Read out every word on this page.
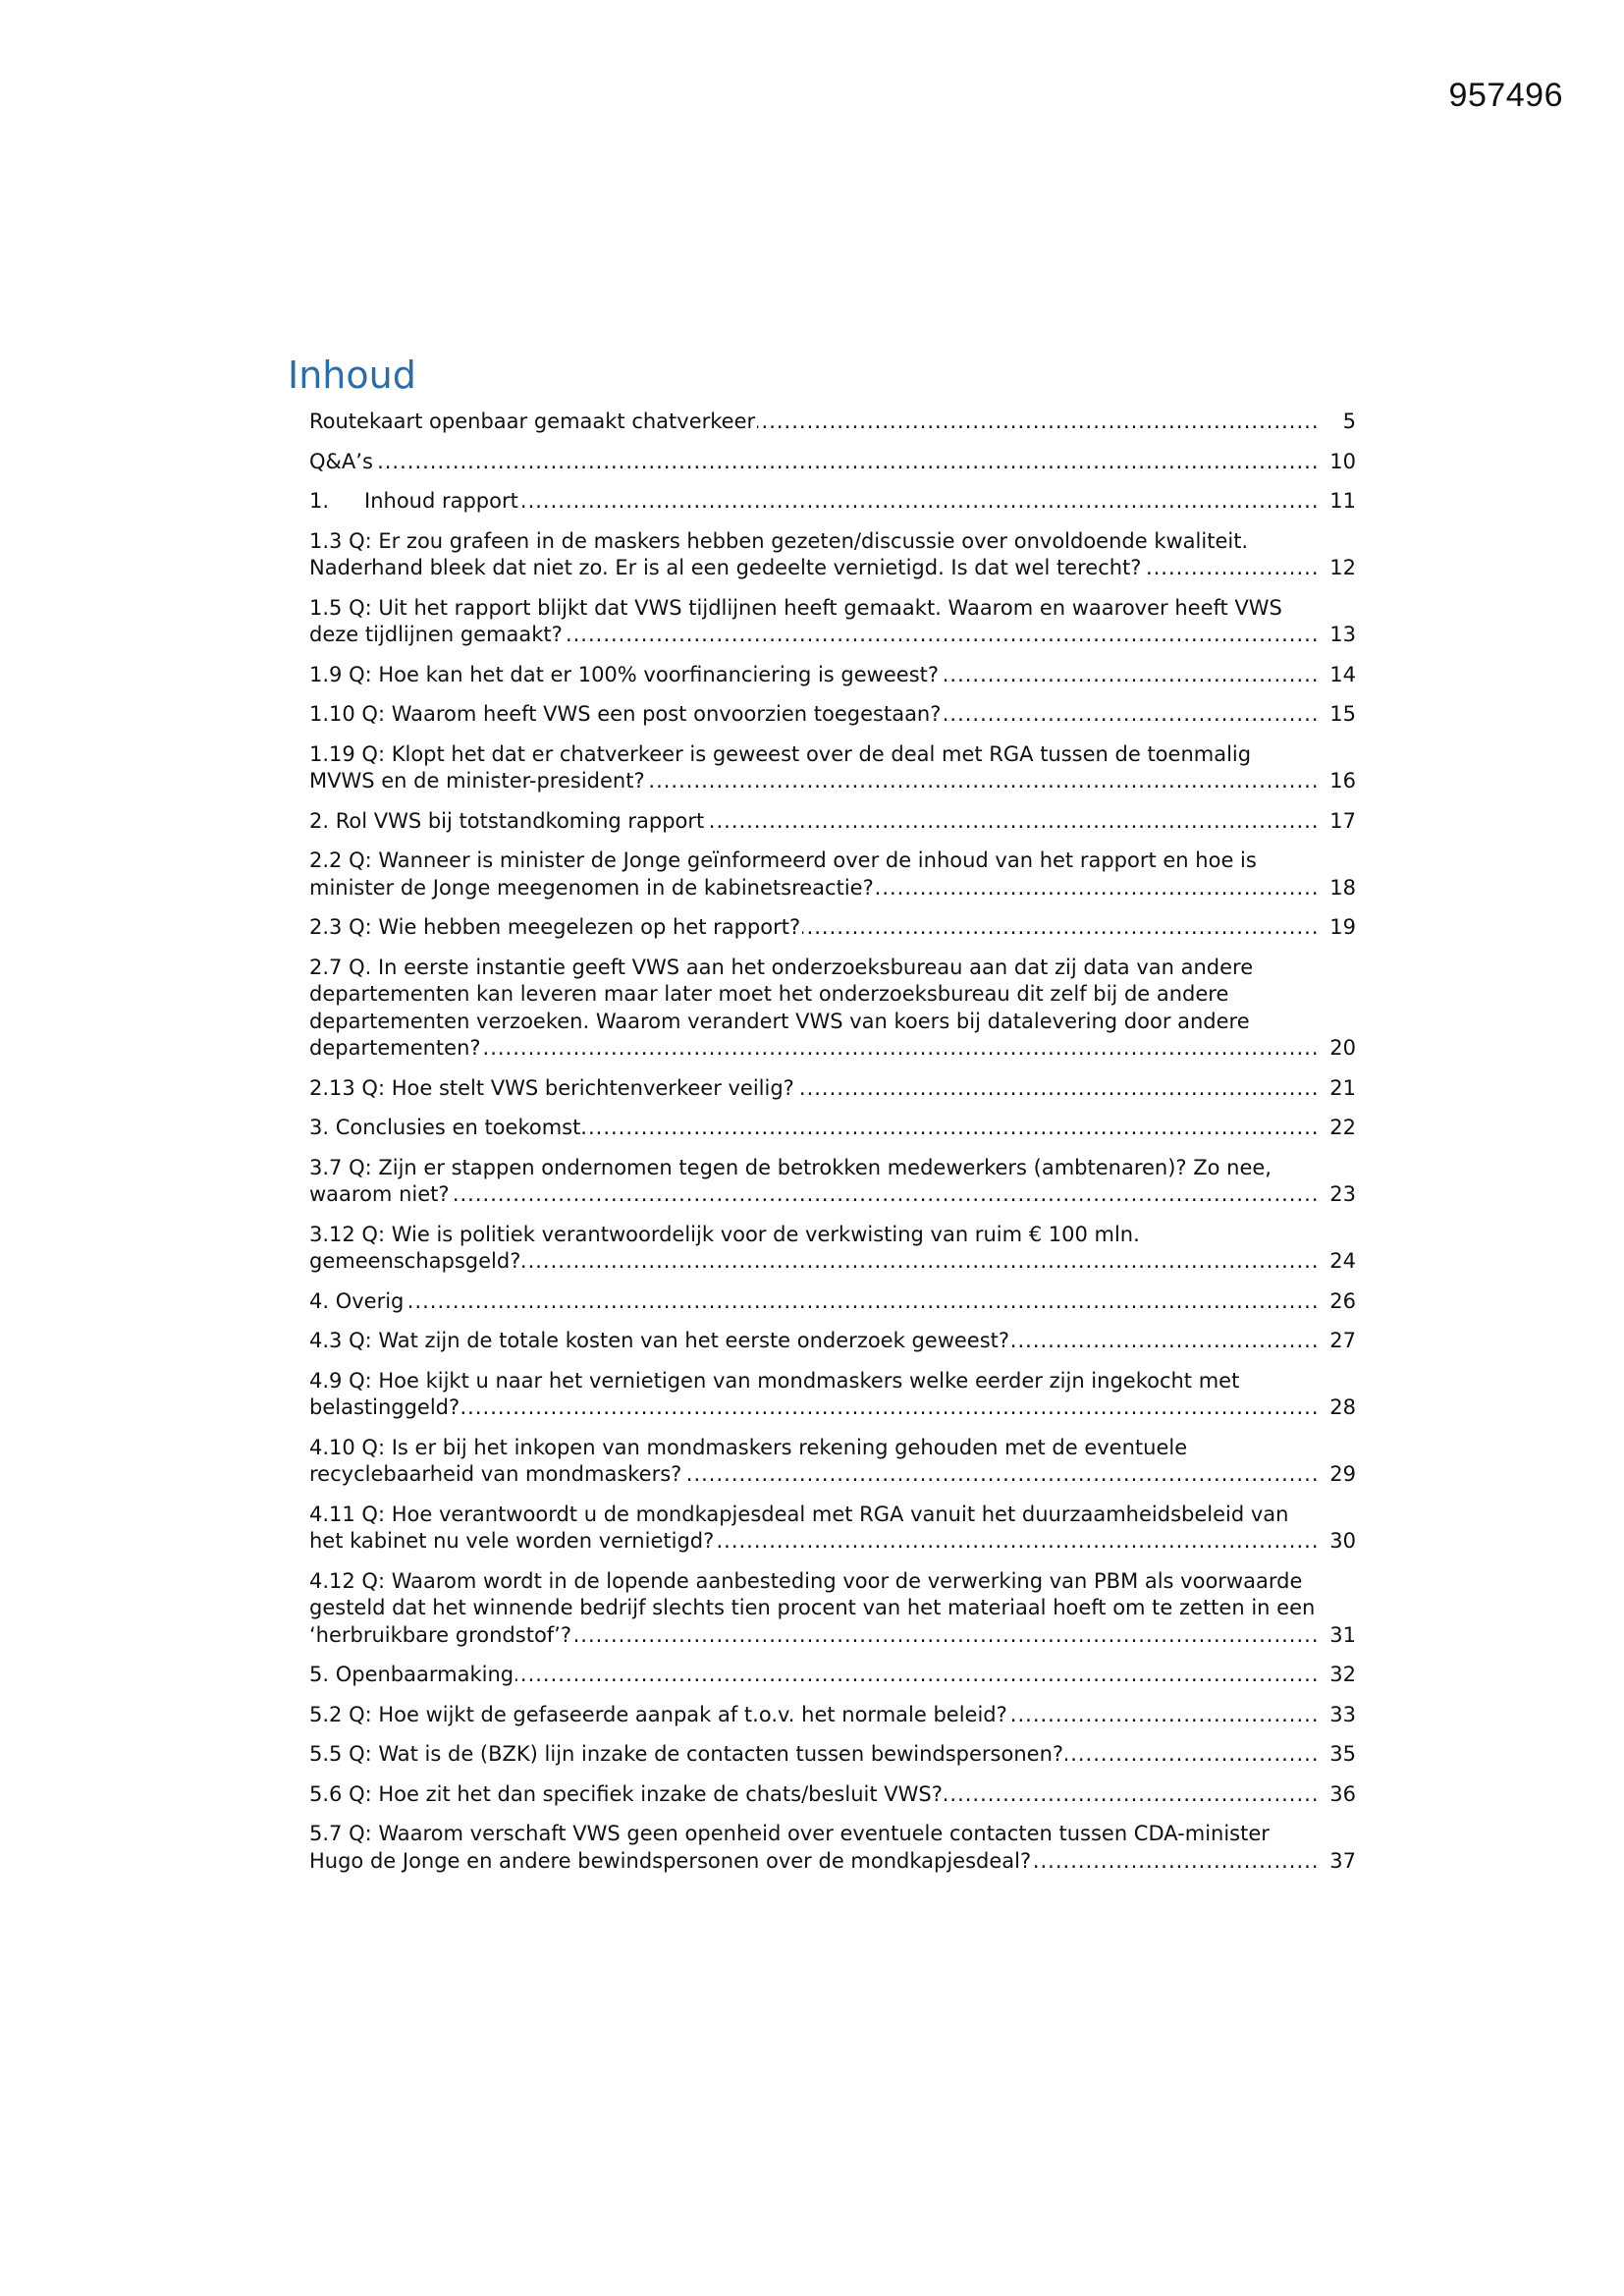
957496
Inhoud
Routekaart openbaar gemaakt chatverkeer .....	5
Q&A’s .....	10
1. Inhoud rapport .....	11
1.3 Q: Er zou grafeen in de maskers hebben gezeten/discussie over onvoldoende kwaliteit.
Naderhand bleek dat niet zo. Er is al een gedeelte vernietigd. Is dat wel terecht? .....	12
1.5 Q: Uit het rapport blijkt dat VWS tijdlijnen heeft gemaakt. Waarom en waarover heeft VWS
deze tijdlijnen gemaakt? .....	13
1.9 Q: Hoe kan het dat er 100% voorfinanciering is geweest? .....	14
1.10 Q: Waarom heeft VWS een post onvoorzien toegestaan? .....	15
1.19 Q: Klopt het dat er chatverkeer is geweest over de deal met RGA tussen de toenmalig
MVWS en de minister-president? .....	16
2. Rol VWS bij totstandkoming rapport .....	17
2.2 Q: Wanneer is minister de Jonge geïnformeerd over de inhoud van het rapport en hoe is
minister de Jonge meegenomen in de kabinetsreactie? .....	18
2.3 Q: Wie hebben meegelezen op het rapport? .....	19
2.7 Q. In eerste instantie geeft VWS aan het onderzoeksbureau aan dat zij data van andere
departementen kan leveren maar later moet het onderzoeksbureau dit zelf bij de andere
departementen verzoeken. Waarom verandert VWS van koers bij datalevering door andere
departementen? .....	20
2.13 Q: Hoe stelt VWS berichtenverkeer veilig? .....	21
3. Conclusies en toekomst .....	22
3.7 Q: Zijn er stappen ondernomen tegen de betrokken medewerkers (ambtenaren)? Zo nee,
waarom niet? .....	23
3.12 Q: Wie is politiek verantwoordelijk voor de verkwisting van ruim € 100 mln.
gemeenschapsgeld? .....	24
4. Overig .....	26
4.3 Q: Wat zijn de totale kosten van het eerste onderzoek geweest? .....	27
4.9 Q: Hoe kijkt u naar het vernietigen van mondmaskers welke eerder zijn ingekocht met
belastinggeld? .....	28
4.10 Q: Is er bij het inkopen van mondmaskers rekening gehouden met de eventuele
recyclebaarheid van mondmaskers? .....	29
4.11 Q: Hoe verantwoordt u de mondkapjesdeal met RGA vanuit het duurzaamheidsbeleid van
het kabinet nu vele worden vernietigd? .....	30
4.12 Q: Waarom wordt in de lopende aanbesteding voor de verwerking van PBM als voorwaarde
gesteld dat het winnende bedrijf slechts tien procent van het materiaal hoeft om te zetten in een
‘herbruikbare grondstof’? .....	31
5. Openbaarmaking .....	32
5.2 Q: Hoe wijkt de gefaseerde aanpak af t.o.v. het normale beleid? .....	33
5.5 Q: Wat is de (BZK) lijn inzake de contacten tussen bewindspersonen? .....	35
5.6 Q: Hoe zit het dan specifiek inzake de chats/besluit VWS? .....	36
5.7 Q: Waarom verschaft VWS geen openheid over eventuele contacten tussen CDA-minister
Hugo de Jonge en andere bewindspersonen over de mondkapjesdeal? .....	37
